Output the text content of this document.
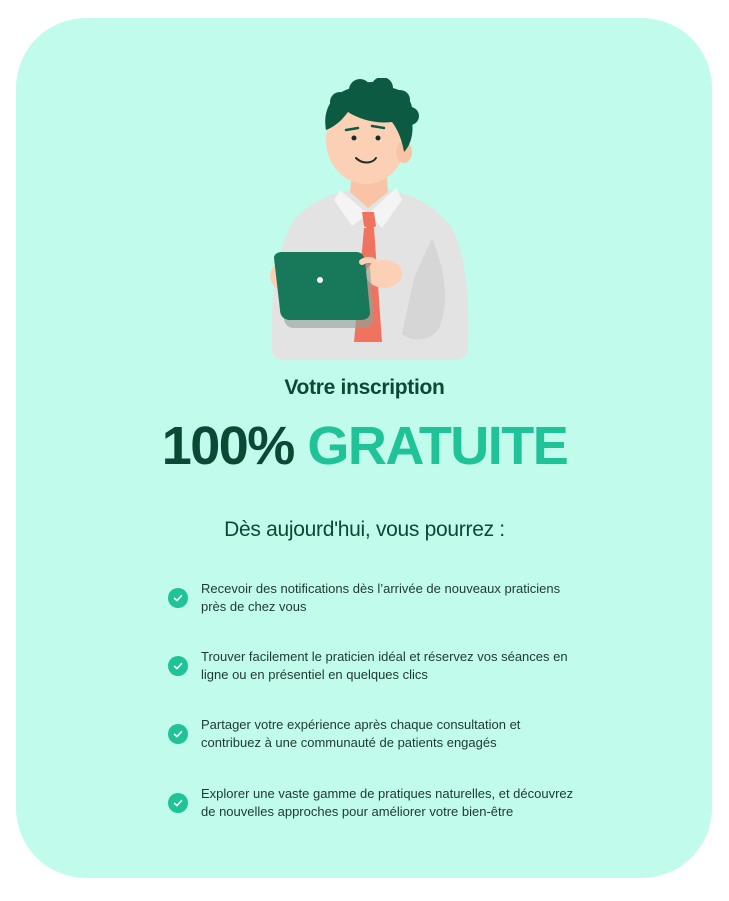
Votre inscription
100% GRATUITE
Dès aujourd'hui, vous pourrez :
Recevoir des notifications dès l’arrivée de nouveaux praticiens près de chez vous
Trouver facilement le praticien idéal et réservez vos séances en ligne ou en présentiel en quelques clics
Partager votre expérience après chaque consultation et contribuez à une communauté de patients engagés
Explorer une vaste gamme de pratiques naturelles, et découvrez de nouvelles approches pour améliorer votre bien-être
